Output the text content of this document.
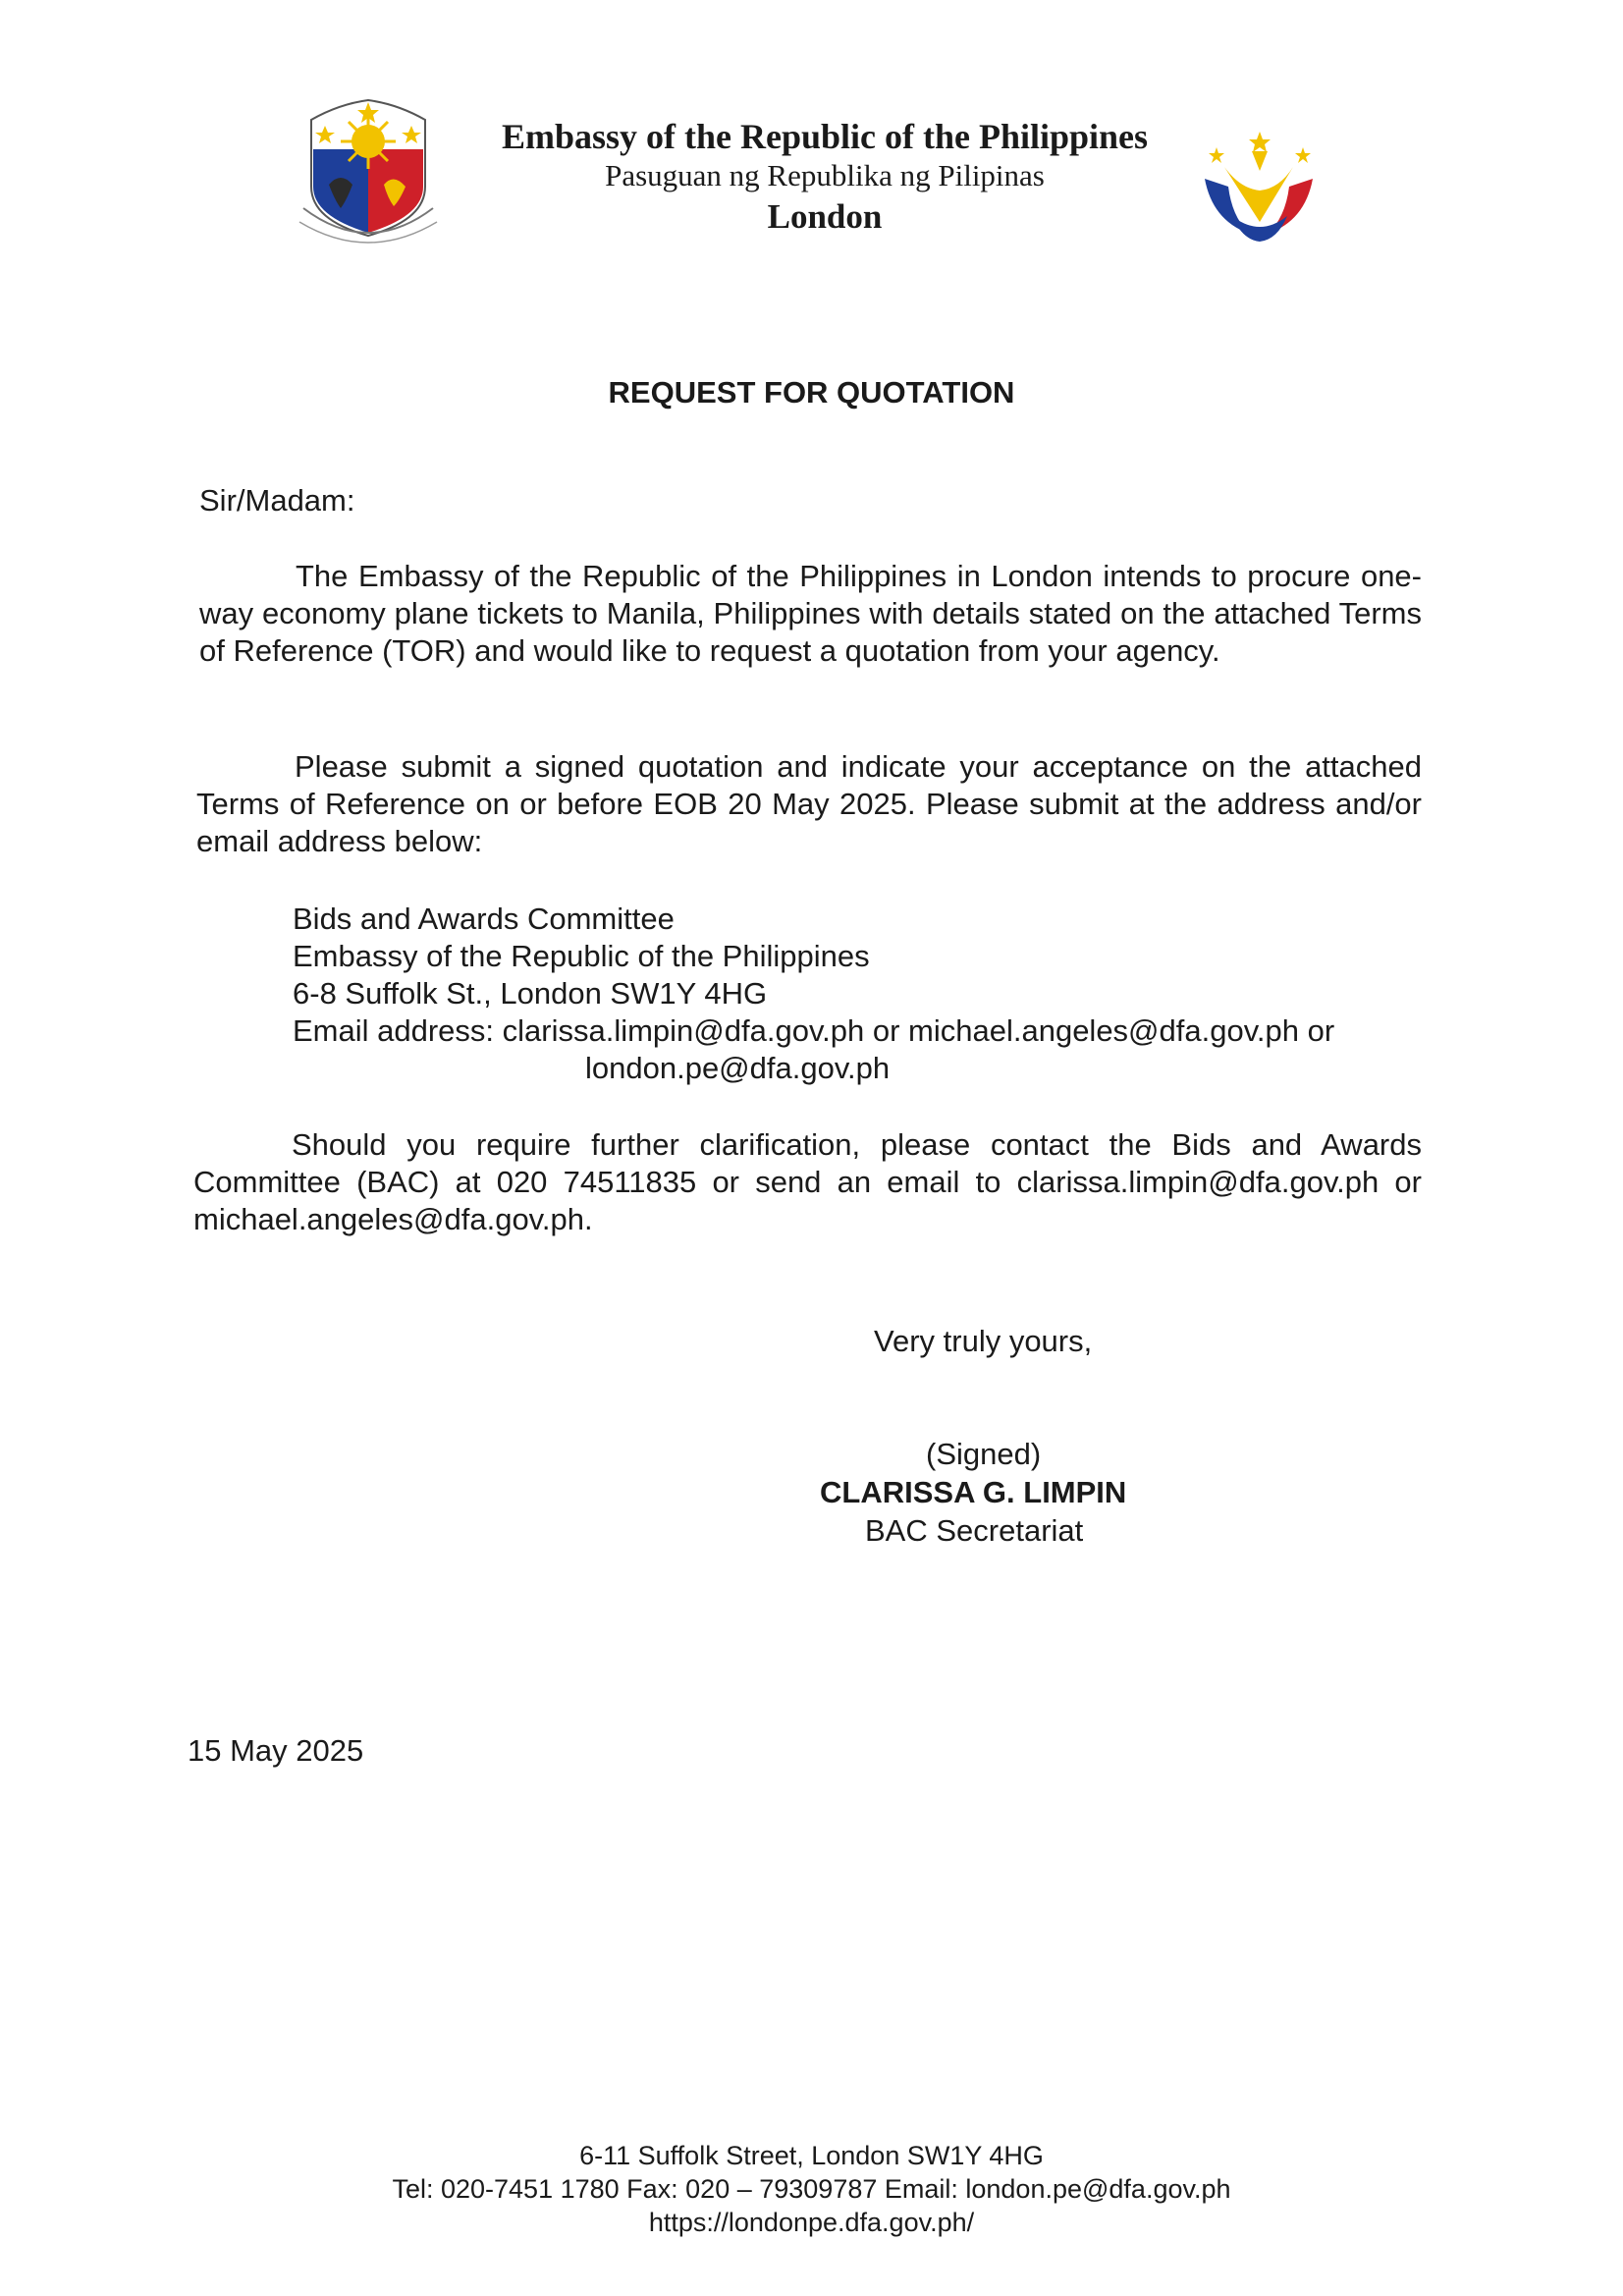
Embassy of the Republic of the Philippines

Pasuguan ng Republika ng Pilipinas

London

REQUEST FOR QUOTATION
Sir/Madam:
The Embassy of the Republic of the Philippines in London intends to procure one-way economy plane tickets to Manila, Philippines with details stated on the attached Terms of Reference (TOR) and would like to request a quotation from your agency.
Please submit a signed quotation and indicate your acceptance on the attached Terms of Reference on or before EOB 20 May 2025. Please submit at the address and/or email address below:
Bids and Awards Committee
Embassy of the Republic of the Philippines
6-8 Suffolk St., London SW1Y 4HG
Email address: clarissa.limpin@dfa.gov.ph or michael.angeles@dfa.gov.ph or
london.pe@dfa.gov.ph
Should you require further clarification, please contact the Bids and Awards Committee (BAC) at 020 74511835 or send an email to clarissa.limpin@dfa.gov.ph or michael.angeles@dfa.gov.ph.
Very truly yours,
(Signed)
CLARISSA G. LIMPIN
BAC Secretariat
15 May 2025
6-11 Suffolk Street, London SW1Y 4HG
Tel: 020-7451 1780 Fax: 020 – 79309787 Email: london.pe@dfa.gov.ph
https://londonpe.dfa.gov.ph/
